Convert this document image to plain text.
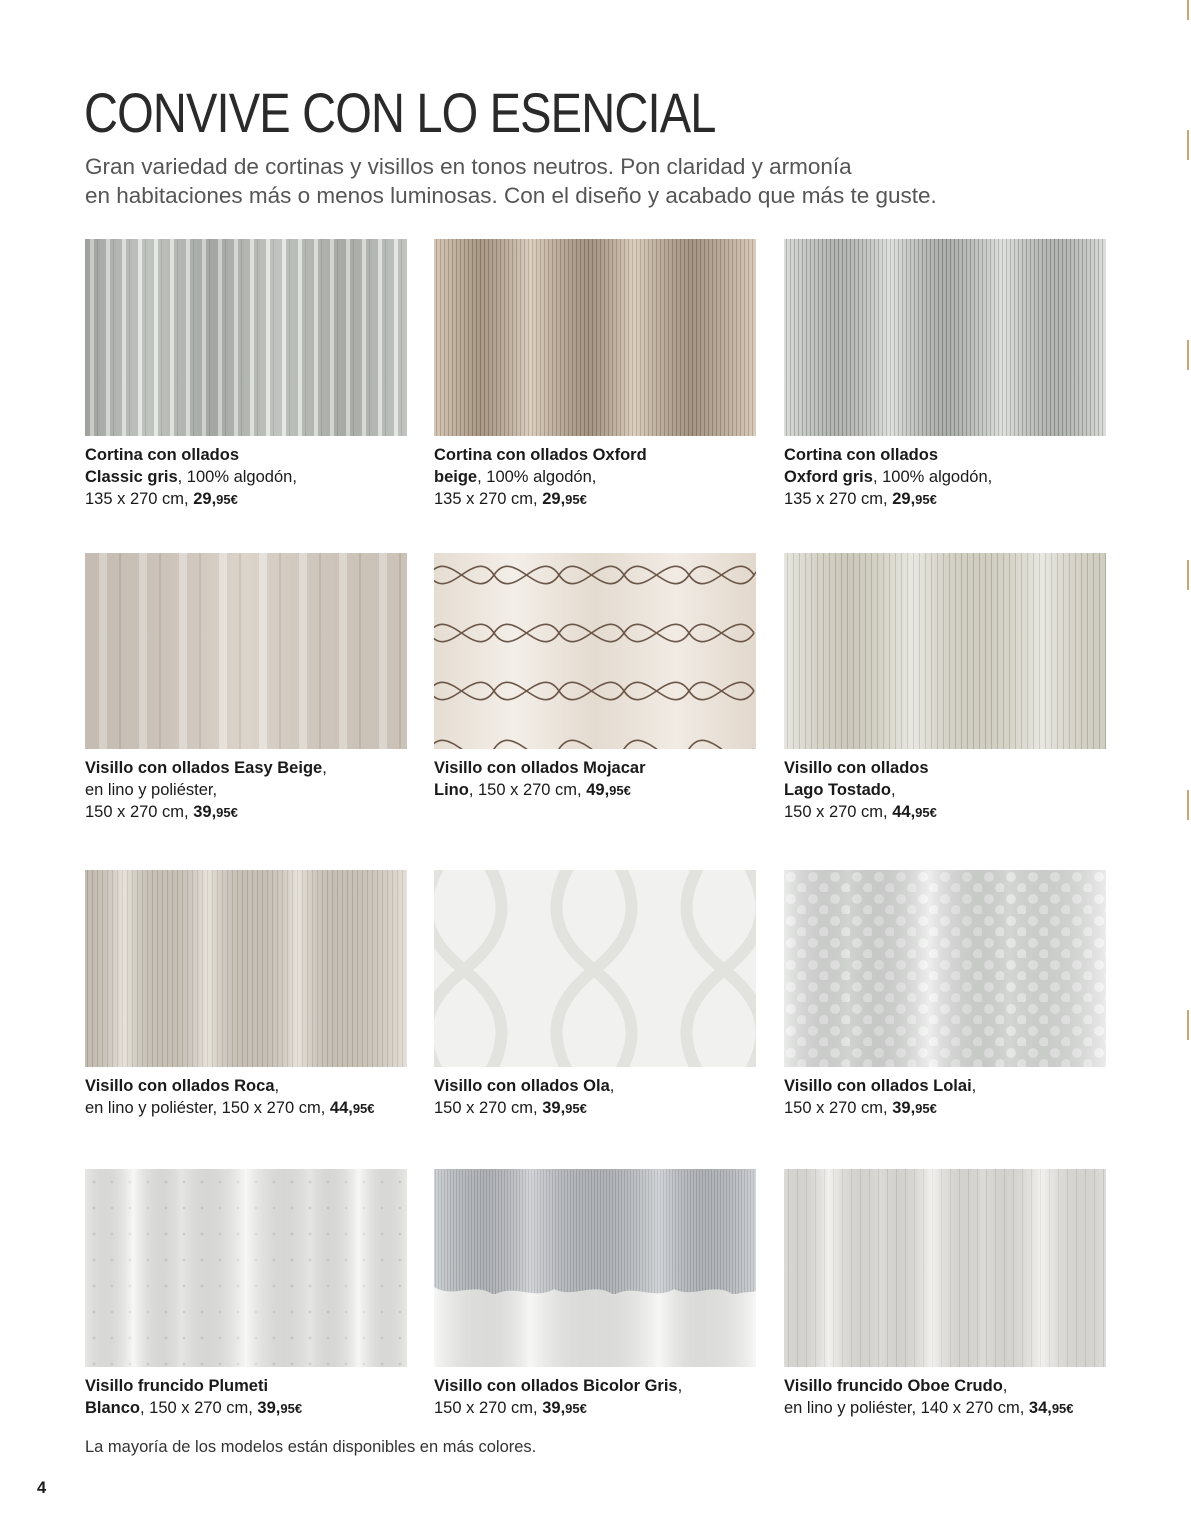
CONVIVE CON LO ESENCIAL

Gran variedad de cortinas y visillos en tonos neutros. Pon claridad y armonía
en habitaciones más o menos luminosas. Con el diseño y acabado que más te guste.

Cortina con ollados
Classic gris, 100% algodón,
135 x 270 cm, 29,95€
Cortina con ollados Oxford
beige, 100% algodón,
135 x 270 cm, 29,95€
Cortina con ollados
Oxford gris, 100% algodón,
135 x 270 cm, 29,95€
Visillo con ollados Easy Beige,
en lino y poliéster,
150 x 270 cm, 39,95€
Visillo con ollados Mojacar
Lino, 150 x 270 cm, 49,95€
Visillo con ollados
Lago Tostado,
150 x 270 cm, 44,95€
Visillo con ollados Roca,
en lino y poliéster, 150 x 270 cm, 44,95€
Visillo con ollados Ola,
150 x 270 cm, 39,95€
Visillo con ollados Lolai,
150 x 270 cm, 39,95€
Visillo fruncido Plumeti
Blanco, 150 x 270 cm, 39,95€
Visillo con ollados Bicolor Gris,
150 x 270 cm, 39,95€
Visillo fruncido Oboe Crudo,
en lino y poliéster, 140 x 270 cm, 34,95€

La mayoría de los modelos están disponibles en más colores.

4
